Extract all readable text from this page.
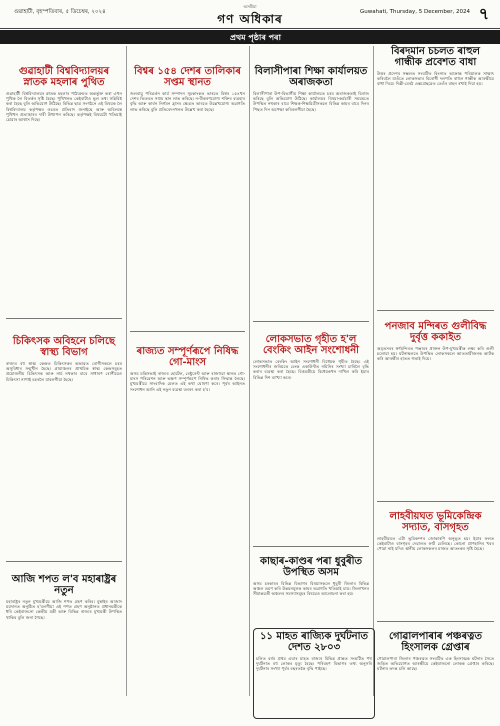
গুৱাহাটী, বৃহস্পতিবাৰ, ৫ ডিচেম্বৰ, ২০২৪
অসমীয়া
গণ অধিকাৰ	Guwahati, Thursday, 5 December, 2024 ৭
প্ৰথম পৃষ্ঠাৰ পৰা
গুৱাহাটী বিশ্ববিদ্যালয়ৰ স্নাতক মহলাৰ পুথিত
গুৱাহাটী বিশ্ববিদ্যালয়ৰ স্নাতক মহলাৰ পাঠ্যক্ৰমত অন্তৰ্ভুক্ত কৰা এখন পুথিক লৈ বিতৰ্কৰ সৃষ্টি হৈছে। পুথিখনত কেইবাটাও ভুল তথ্য সন্নিবিষ্ট কৰা হৈছে বুলি অভিযোগ উঠিছে। বিভিন্ন ছাত্ৰ সংগঠনে এই বিষয়ক লৈ বিশ্ববিদ্যালয় কৰ্তৃপক্ষৰ ওচৰত প্ৰতিবাদ জনাইছে আৰু অবিলম্বে পুথিখন প্ৰত্যাহাৰৰ দাবী উত্থাপন কৰিছে। কৰ্তৃপক্ষই বিষয়টো খতিয়াই চোৱাৰ আশ্বাস দিছে।
চিকিৎসক অবিহনে চলিছে স্বাস্থ্য বিভাগ
ৰাজ্যৰ বহু স্বাস্থ্য কেন্দ্ৰত চিকিৎসকৰ অভাৱত ৰোগীসকলে চৰম অসুবিধাৰ সন্মুখীন হৈছে। গ্ৰামাঞ্চলৰ প্ৰাথমিক স্বাস্থ্য কেন্দ্ৰসমূহত প্ৰয়োজনীয় চিকিৎসক আৰু নাৰ্চ নথকাৰ বাবে সাধাৰণ ৰোগীয়েও চিকিৎসা নাপাই চহৰলৈ যাবলগীয়া হৈছে।
আজি শপত ল'ব মহাৰাষ্ট্ৰৰ নতুন
মহাৰাষ্ট্ৰৰ নতুন মুখ্যমন্ত্ৰীয়ে আজি শপত গ্ৰহণ কৰিব। মুম্বাইৰ আজাদ ময়দানত অনুষ্ঠিত হ'বলগীয়া এই শপত গ্ৰহণ অনুষ্ঠানত প্ৰধানমন্ত্ৰীকে ধৰি কেইবাজনো কেন্দ্ৰীয় মন্ত্ৰী আৰু বিভিন্ন ৰাজ্যৰ মুখ্যমন্ত্ৰী উপস্থিত থাকিব বুলি জনা গৈছে।
বিশ্বৰ ১৫৪ দেশৰ তালিকাৰ সপ্তম স্থানত
জলবায়ু পৰিৱৰ্তন কাৰ্য সম্পাদন সূচকাংকত ভাৰতে বিশ্বৰ ১৫৪খন দেশৰ ভিতৰত সপ্তম স্থান লাভ কৰিছে। ন-বীকৰণযোগ্য শক্তিৰ ব্যৱহাৰ বৃদ্ধি আৰু কাৰ্বন নিৰ্গমন হ্ৰাসৰ ক্ষেত্ৰত ভাৰতে উল্লেখযোগ্য অগ্ৰগতি লাভ কৰিছে বুলি প্ৰতিবেদনখনত উল্লেখ কৰা হৈছে।
ৰাজ্যত সম্পূৰ্ণৰূপে নিষিদ্ধ গো-মাংস
অসম মন্ত্ৰিসভাই ৰাজ্যৰ হোটেল, ৰেষ্টুৰেণ্ট আৰু ৰাজহুৱা স্থানত গো-মাংস পৰিৱেশন আৰু ভক্ষণ সম্পূৰ্ণৰূপে নিষিদ্ধ কৰাৰ সিদ্ধান্ত লৈছে। মুখ্যমন্ত্ৰীয়ে সাংবাদিক মেলত এই কথা ঘোষণা কৰে। পূৰ্বৰ আইনত সংশোধন আনি এই নতুন ব্যৱস্থা বলবৎ কৰা হ'ব।
বিলাসীপাৰা শিক্ষা কাৰ্যালয়ত অৰাজকতা
বিলাসীপাৰা উপ-বিভাগীয় শিক্ষা কাৰ্যালয়ত চৰম অৰাজকতাই বিৰাজ কৰিছে বুলি অভিযোগ উঠিছে। কাৰ্যালয়ৰ বিষয়া-কৰ্মচাৰী সময়মতে উপস্থিত নথকাৰ বাবে শিক্ষক-শিক্ষয়িত্ৰীসকলে বিভিন্ন কামৰ বাবে দিনৰ পিছত দিন অপেক্ষা কৰিবলগীয়া হৈছে।
লোকসভাত গৃহীত হ'ল বেংকিং আইন সংশোধনী
লোকসভাত বেংকিং আইন সংশোধনী বিধেয়ক গৃহীত হৈছে। এই সংশোধনীৰ জৰিয়তে বেংক একাউণ্টত নমিনিৰ সংখ্যা চাৰিলৈ বৃদ্ধি কৰাৰ ব্যৱস্থা কৰা হৈছে। বিত্তমন্ত্ৰীয়ে বিধেয়কখন দাখিল কৰি ইয়াৰ বিভিন্ন দিশ ব্যাখ্যা কৰে।
কাছাৰ-কাণ্ডৰ পৰা ধুবুৰীত উপস্থিত অসম
অসম চৰকাৰৰ বিভিন্ন বিভাগৰ বিষয়াসকলে ধুবুৰী জিলাৰ বিভিন্ন অঞ্চল ভ্ৰমণ কৰি উন্নয়নমূলক কামৰ অগ্ৰগতি খতিয়াই চায়। জিলাখনৰ সীমান্তৱৰ্তী অঞ্চলৰ সমস্যাসমূহৰ বিষয়েও আলোচনা কৰা হয়।
১১ মাহত ৰাজ্যিক দুৰ্ঘটনাত দেশত ২৮০৩
চলিত বৰ্ষৰ প্ৰথম এঘাৰ মাহত ৰাজ্যৰ বিভিন্ন প্ৰান্তত সংঘটিত পথ দুৰ্ঘটনাত বহু লোকৰ মৃত্যু হৈছে। পৰিবহণ বিভাগৰ তথ্য অনুসৰি দুৰ্ঘটনাৰ সংখ্যা পূৰ্বৰ বছৰতকৈ বৃদ্ধি পাইছে।
বিৰদমান চচলত ৰাহুল গান্ধীক প্ৰবেশত বাধা
উত্তৰ প্ৰদেশৰ সম্ভলত সংঘটিত হিংসাত আক্ৰান্ত পৰিয়ালক সাক্ষাৎ কৰিবলৈ যাওঁতে লোকসভাৰ বিৰোধী দলপতি ৰাহুল গান্ধীক আৰক্ষীয়ে বাধা দিয়ে। দিল্লী-মেৰঠ এক্সপ্ৰেছৱেত তেওঁৰ বাহন ৰখাই দিয়া হয়।
পনজাব মন্দিৰত গুলীবিদ্ধ দুৰ্বৃত্ত ককাইত
অমৃতসৰৰ স্বৰ্ণমন্দিৰত পঞ্জাবৰ প্ৰাক্তন উপ-মুখ্যমন্ত্ৰীক লক্ষ্য কৰি গুলী চলোৱা হয়। ঘটনাস্থলতে উপস্থিত লোকসকলে আততায়ীজনক আটক কৰি আৰক্ষীৰ হাতত গতাই দিয়ে।
লাহবীয়ঘত ভূমিকেন্দ্ৰিক সদ্যাত, বাসগৃহত
লাহবীয়ঘত এটা ভূমিকম্পৰ জোকাৰণি অনুভূত হয়। ইয়াৰ ফলত কেইবাটাও বাসগৃহৰ দেৱালত ফাট মেলিছে। কোনো প্ৰাণহানিৰ খবৰ পোৱা নাই যদিও স্থানীয় লোকসকলৰ মাজত আতংকৰ সৃষ্টি হৈছে।
গোৱালপাৰাৰ পঞ্চৰত্নত হিংসালক গ্ৰেপ্তাৰ
গোৱালপাৰা জিলাৰ পঞ্চৰত্নত সংঘটিত এক হিংসাত্মক ঘটনাৰ সৈতে জড়িত অভিযোগত আৰক্ষীয়ে কেইবাজনো লোকক গ্ৰেপ্তাৰ কৰিছে। ঘটনাৰ তদন্ত চলি আছে।
